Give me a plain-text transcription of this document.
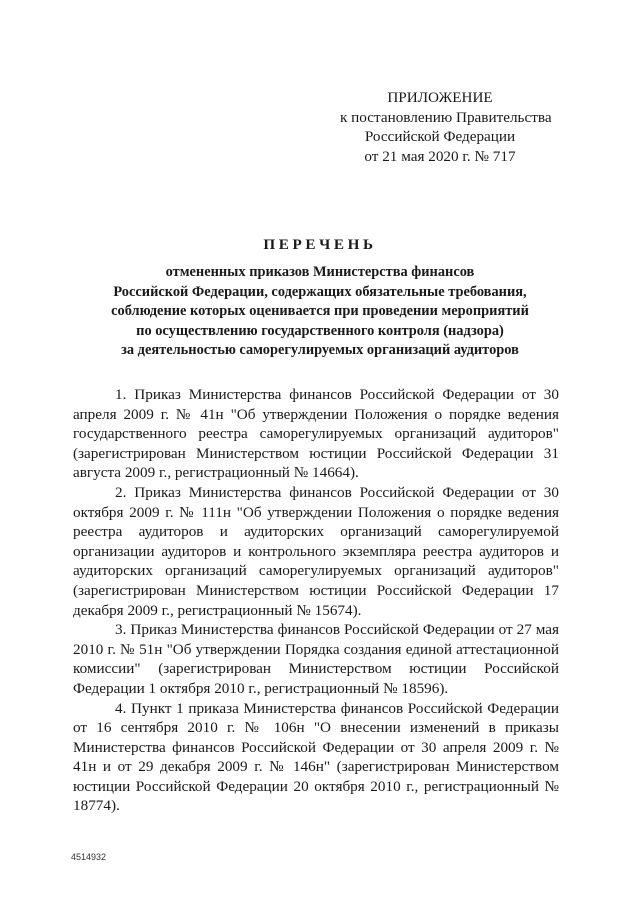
ПРИЛОЖЕНИЕ
к постановлению Правительства
Российской Федерации
от 21 мая 2020 г. № 717
ПЕРЕЧЕНЬ
отмененных приказов Министерства финансов
Российской Федерации, содержащих обязательные требования,
соблюдение которых оценивается при проведении мероприятий
по осуществлению государственного контроля (надзора)
за деятельностью саморегулируемых организаций аудиторов

1. Приказ Министерства финансов Российской Федерации от 30 апреля 2009 г. № 41н "Об утверждении Положения о порядке ведения государственного реестра саморегулируемых организаций аудиторов" (зарегистрирован Министерством юстиции Российской Федерации 31 августа 2009 г., регистрационный № 14664).

2. Приказ Министерства финансов Российской Федерации от 30 октября 2009 г. № 111н "Об утверждении Положения о порядке ведения реестра аудиторов и аудиторских организаций саморегулируемой организации аудиторов и контрольного экземпляра реестра аудиторов и аудиторских организаций саморегулируемых организаций аудиторов" (зарегистрирован Министерством юстиции Российской Федерации 17 декабря 2009 г., регистрационный № 15674).

3. Приказ Министерства финансов Российской Федерации от 27 мая 2010 г. № 51н "Об утверждении Порядка создания единой аттестационной комиссии" (зарегистрирован Министерством юстиции Российской Федерации 1 октября 2010 г., регистрационный № 18596).

4. Пункт 1 приказа Министерства финансов Российской Федерации от 16 сентября 2010 г. № 106н "О внесении изменений в приказы Министерства финансов Российской Федерации от 30 апреля 2009 г. № 41н и от 29 декабря 2009 г. № 146н" (зарегистрирован Министерством юстиции Российской Федерации 20 октября 2010 г., регистрационный № 18774).

4514932
